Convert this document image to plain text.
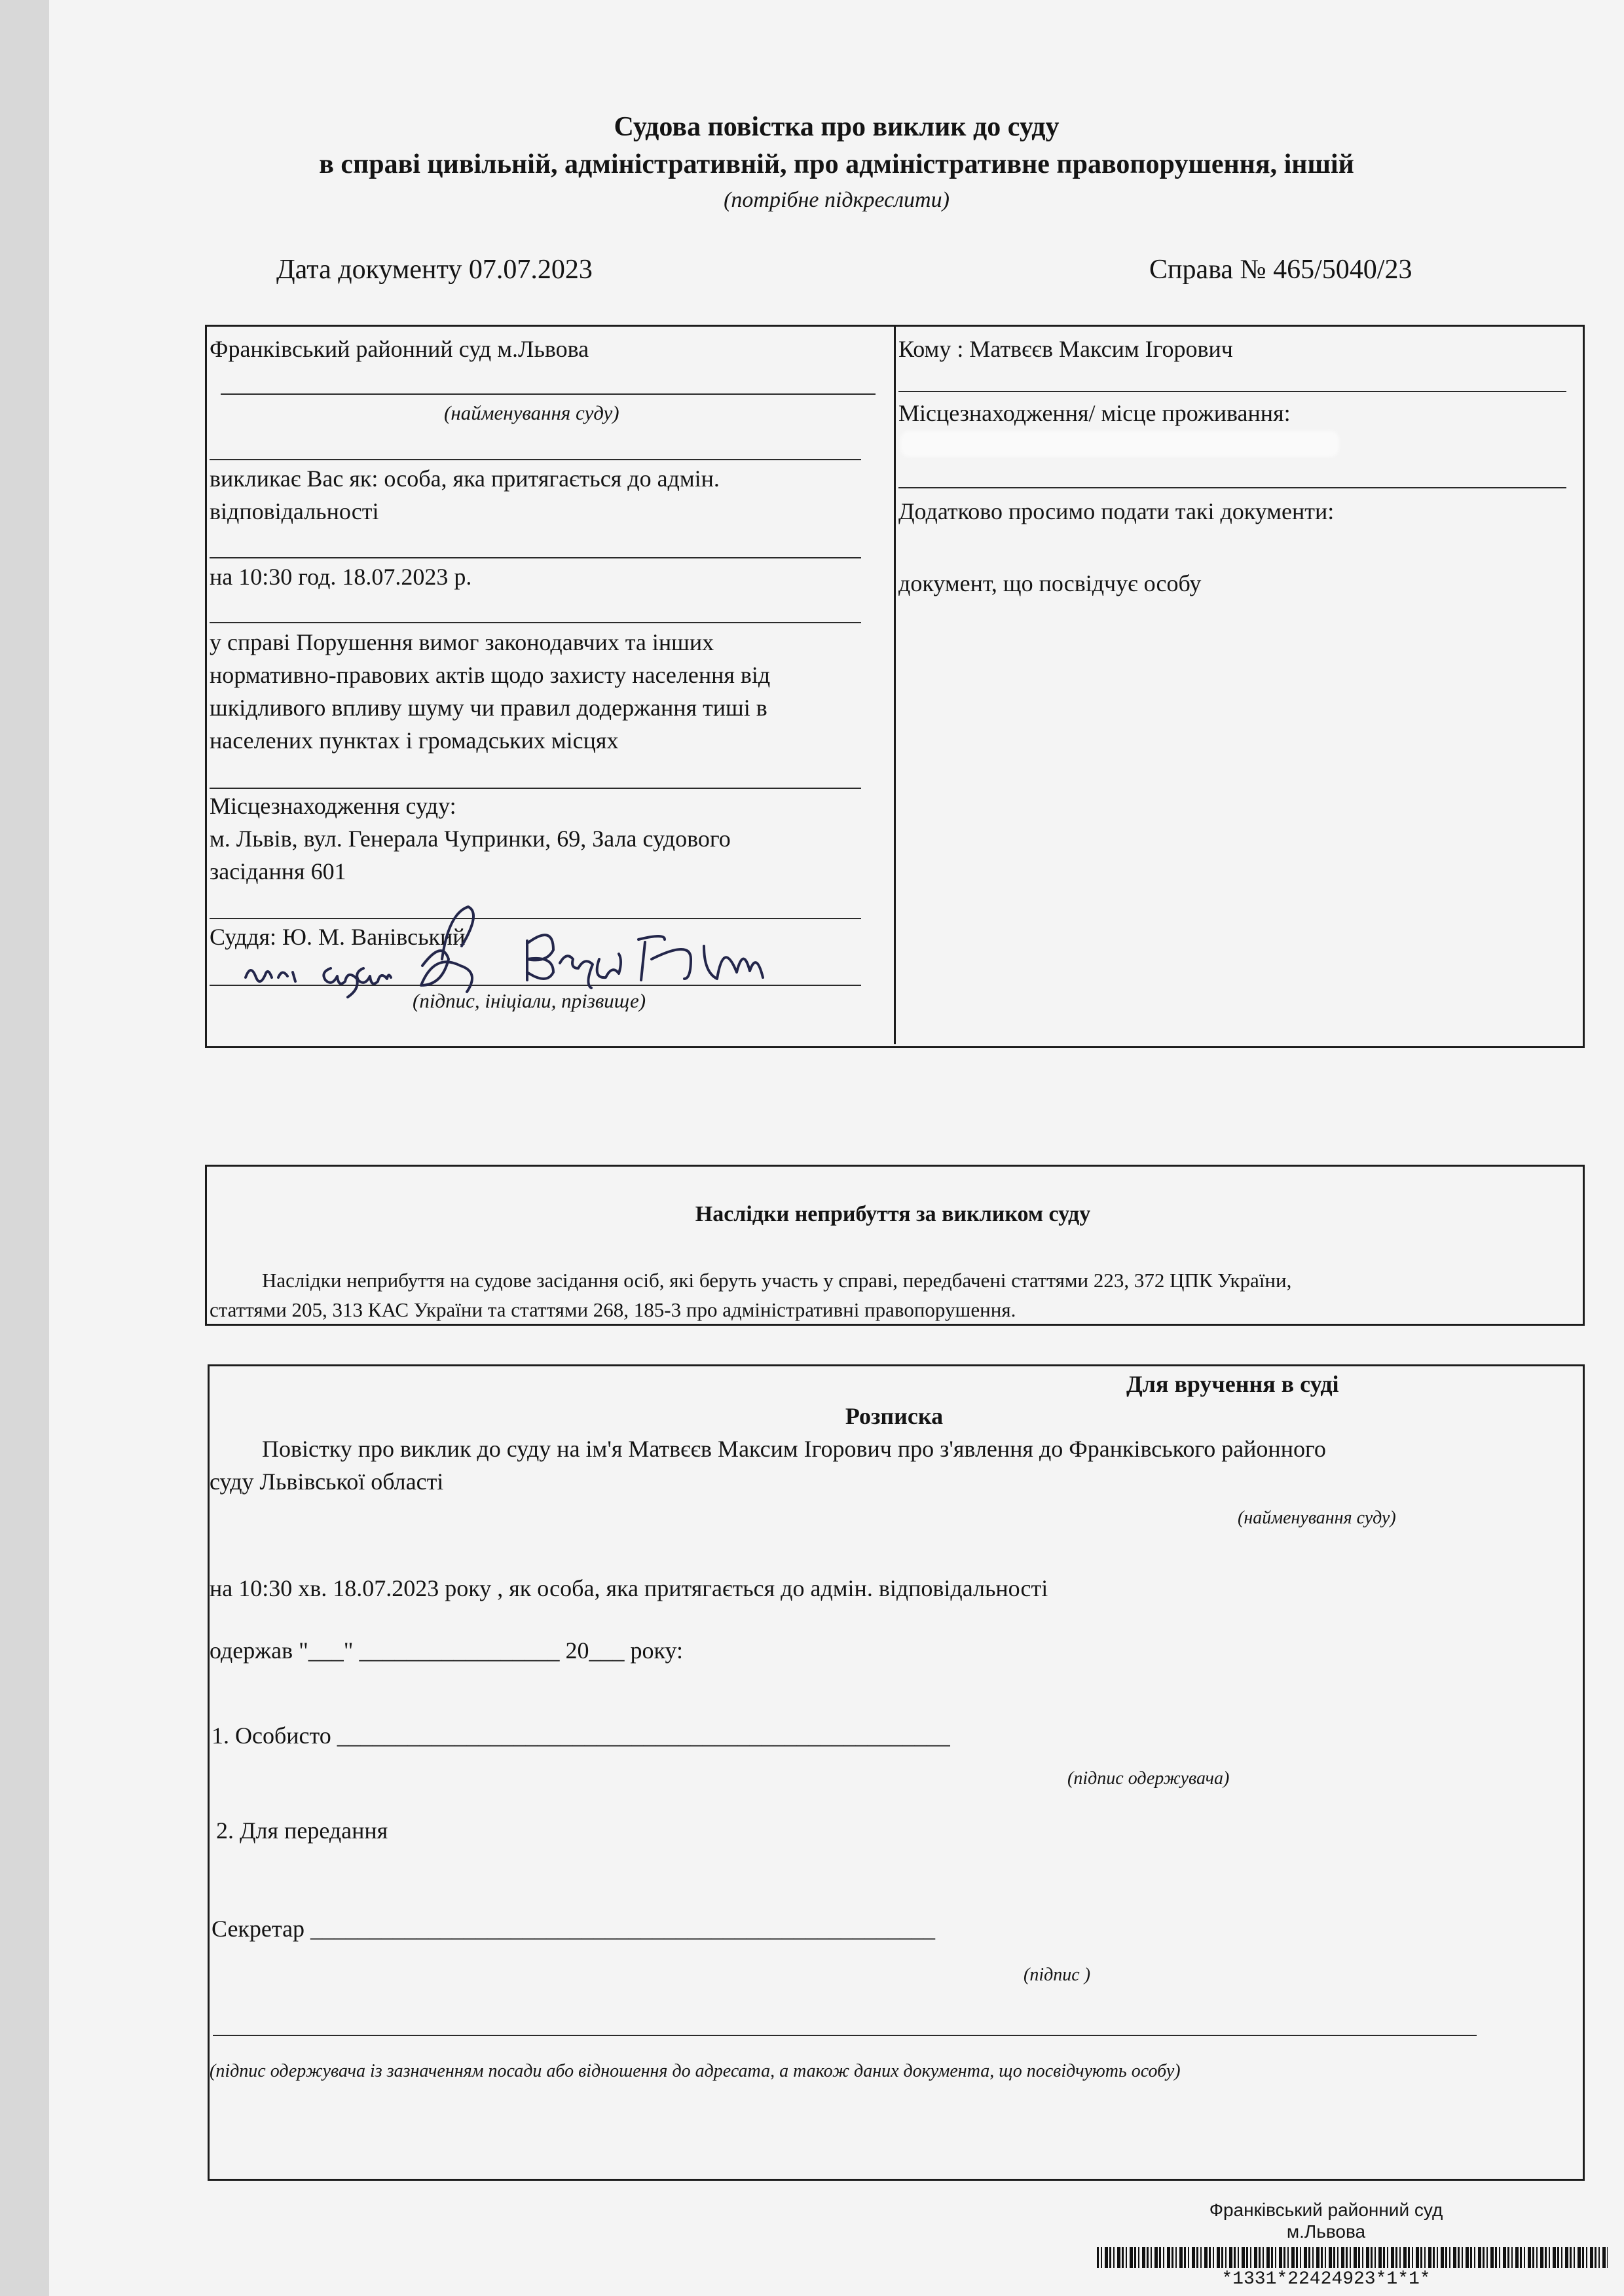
Судова повістка про виклик до суду
в справі цивільній, адміністративній, про адміністративне правопорушення, іншій
(потрібне підкреслити)
Дата документу 07.07.2023	Справа № 465/5040/23
Франківський районний суд м.Львова
(найменування суду)
викликає Вас як: особа, яка притягається до адмін.
відповідальності
на 10:30 год. 18.07.2023 р.
у справі Порушення вимог законодавчих та інших
нормативно-правових актів щодо захисту населення від
шкідливого впливу шуму чи правил додержання тиші в
населених пунктах і громадських місцях
Місцезнаходження суду:
м. Львів, вул. Генерала Чупринки, 69, Зала судового
засідання 601
Суддя: Ю. М. Ванівський
(підпис, ініціали, прізвище)
Кому : Матвєєв Максим Ігорович
Місцезнаходження/ місце проживання:
Додатково просимо подати такі документи:
документ, що посвідчує особу
Наслідки неприбуття за викликом суду
Наслідки неприбуття на судове засідання осіб, які беруть участь у справі, передбачені статтями 223, 372 ЦПК України,
статтями 205, 313 КАС України та статтями 268, 185-3 про адміністративні правопорушення.
Для вручення в суді
Розписка
Повістку про виклик до суду на ім'я Матвєєв Максим Ігорович про з'явлення до Франківського районного
суду Львівської області
(найменування суду)
на 10:30 хв. 18.07.2023 року , як особа, яка притягається до адмін. відповідальності
одержав "___" _________________ 20___ року:
1. Особисто ____________________________________________________
(підпис одержувача)
2. Для передання
Секретар _____________________________________________________
(підпис )
(підпис одержувача із зазначенням посади або відношення до адресата, а також даних документа, що посвідчують особу)
Франківський районний суд
м.Львова
*1331*22424923*1*1*
